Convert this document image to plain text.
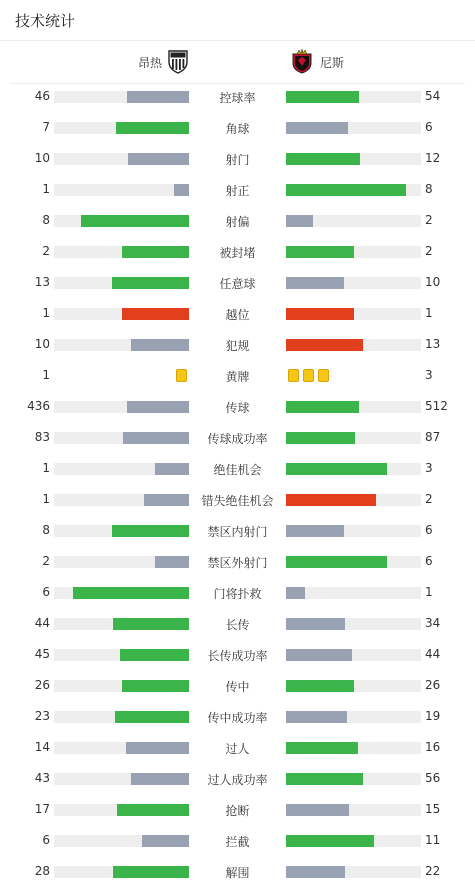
技术统计
昂热	尼斯
46	控球率	54
7	角球	6
10	射门	12
1	射正	8
8	射偏	2
2	被封堵	2
13	任意球	10
1	越位	1
10	犯规	13
1	黄牌	3
436	传球	512
83	传球成功率	87
1	绝佳机会	3
1	错失绝佳机会	2
8	禁区内射门	6
2	禁区外射门	6
6	门将扑救	1
44	长传	34
45	长传成功率	44
26	传中	26
23	传中成功率	19
14	过人	16
43	过人成功率	56
17	抢断	15
6	拦截	11
28	解围	22
